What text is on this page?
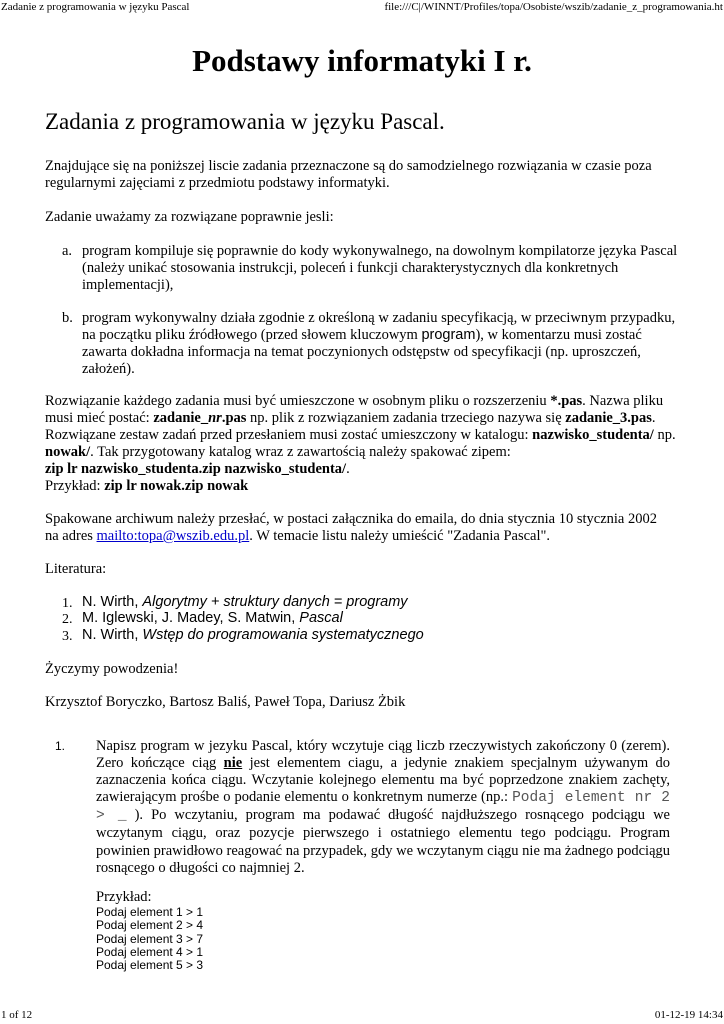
Zadanie z programowania w języku Pascal	file:///C|/WINNT/Profiles/topa/Osobiste/wszib/zadanie_z_programowania.ht
Podstawy informatyki I r.
Zadania z programowania w języku Pascal.
Znajdujące się na poniższej liscie zadania przeznaczone są do samodzielnego rozwiązania w czasie poza regularnymi zajęciami z przedmiotu podstawy informatyki.
Zadanie uważamy za rozwiązane poprawnie jesli:
a. program kompiluje się poprawnie do kody wykonywalnego, na dowolnym kompilatorze języka Pascal
(należy unikać stosowania instrukcji, poleceń i funkcji charakterystycznych dla konkretnych
implementacji),
b. program wykonywalny działa zgodnie z określoną w zadaniu specyfikacją, w przeciwnym przypadku,
na początku pliku źródłowego (przed słowem kluczowym program), w komentarzu musi zostać
zawarta dokładna informacja na temat poczynionych odstępstw od specyfikacji (np. uproszczeń,
założeń).
Rozwiązanie każdego zadania musi być umieszczone w osobnym pliku o rozszerzeniu *.pas. Nazwa pliku
musi mieć postać: zadanie_nr.pas np. plik z rozwiązaniem zadania trzeciego nazywa się zadanie_3.pas.
Rozwiązane zestaw zadań przed przesłaniem musi zostać umieszczony w katalogu: nazwisko_studenta/ np.
nowak/. Tak przygotowany katalog wraz z zawartością należy spakować zipem:
zip lr nazwisko_studenta.zip nazwisko_studenta/.
Przykład: zip lr nowak.zip nowak
Spakowane archiwum należy przesłać, w postaci załącznika do emaila, do dnia stycznia 10 stycznia 2002
na adres mailto:topa@wszib.edu.pl. W temacie listu należy umieścić "Zadania Pascal".
Literatura:
1. N. Wirth, Algorytmy + struktury danych = programy
2. M. Iglewski, J. Madey, S. Matwin, Pascal
3. N. Wirth, Wstęp do programowania systematycznego
Życzymy powodzenia!
Krzysztof Boryczko, Bartosz Baliś, Paweł Topa, Dariusz Żbik
1. Napisz program w jezyku Pascal, który wczytuje ciąg liczb rzeczywistych zakończony 0 (zerem). Zero kończące ciąg nie jest elementem ciagu, a jedynie znakiem specjalnym używanym do zaznaczenia końca ciągu. Wczytanie kolejnego elementu ma być poprzedzone znakiem zachęty, zawierającym prośbe o podanie elementu o konkretnym numerze (np.: Podaj element nr 2 > _ ). Po wczytaniu, program ma podawać długość najdłuższego rosnącego podciągu we wczytanym ciągu, oraz pozycje pierwszego i ostatniego elementu tego podciągu. Program powinien prawidłowo reagować na przypadek, gdy we wczytanym ciągu nie ma żadnego podciągu rosnącego o długości co najmniej 2.
Przykład:
Podaj element 1 > 1
Podaj element 2 > 4
Podaj element 3 > 7
Podaj element 4 > 1
Podaj element 5 > 3
1 of 12	01-12-19 14:34
